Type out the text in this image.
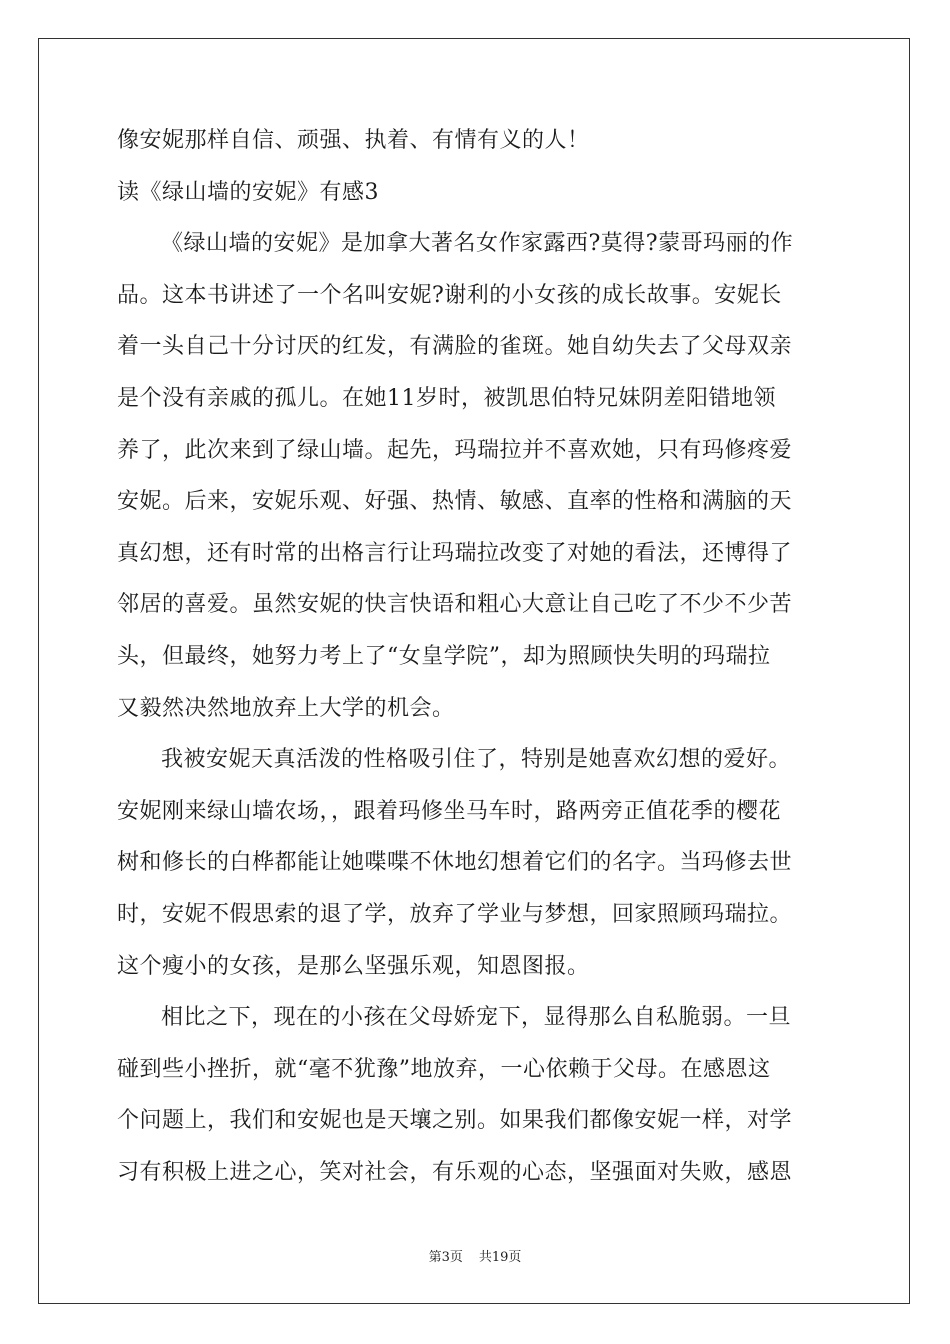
像安妮那样自信、顽强、执着、有情有义的人！
读《绿山墙的安妮》有感3
《绿山墙的安妮》是加拿大著名女作家露西?莫得?蒙哥玛丽的作
品。这本书讲述了一个名叫安妮?谢利的小女孩的成长故事。安妮长
着一头自己十分讨厌的红发，有满脸的雀斑。她自幼失去了父母双亲
是个没有亲戚的孤儿。在她11岁时，被凯思伯特兄妹阴差阳错地领
养了，此次来到了绿山墙。起先，玛瑞拉并不喜欢她，只有玛修疼爱
安妮。后来，安妮乐观、好强、热情、敏感、直率的性格和满脑的天
真幻想，还有时常的出格言行让玛瑞拉改变了对她的看法，还博得了
邻居的喜爱。虽然安妮的快言快语和粗心大意让自己吃了不少不少苦
头，但最终，她努力考上了“女皇学院”，却为照顾快失明的玛瑞拉
又毅然决然地放弃上大学的机会。
我被安妮天真活泼的性格吸引住了，特别是她喜欢幻想的爱好。
安妮刚来绿山墙农场，，跟着玛修坐马车时，路两旁正值花季的樱花
树和修长的白桦都能让她喋喋不休地幻想着它们的名字。当玛修去世
时，安妮不假思索的退了学，放弃了学业与梦想，回家照顾玛瑞拉。
这个瘦小的女孩，是那么坚强乐观，知恩图报。
相比之下，现在的小孩在父母娇宠下，显得那么自私脆弱。一旦
碰到些小挫折，就“毫不犹豫”地放弃，一心依赖于父母。在感恩这
个问题上，我们和安妮也是天壤之别。如果我们都像安妮一样，对学
习有积极上进之心，笑对社会，有乐观的心态，坚强面对失败，感恩
第3页 共19页
